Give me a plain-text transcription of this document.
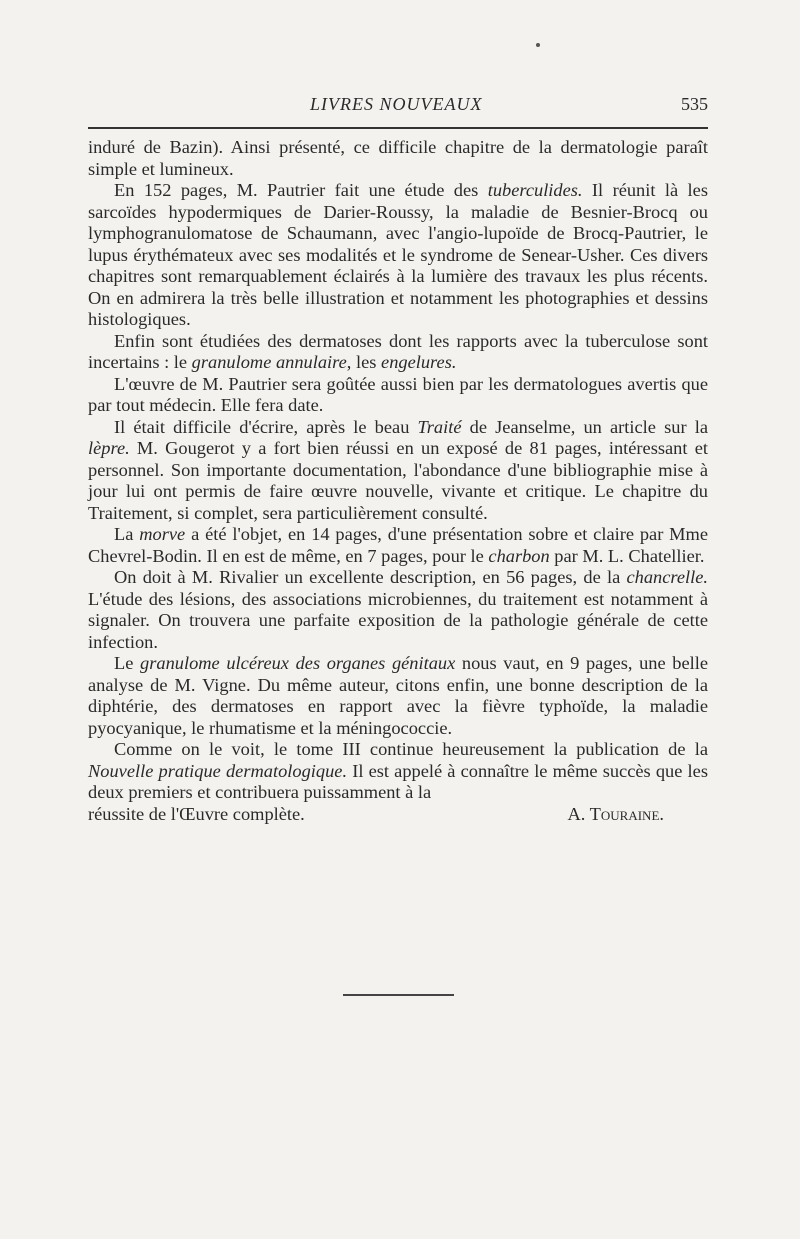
LIVRES NOUVEAUX	535

induré de Bazin). Ainsi présenté, ce difficile chapitre de la dermatologie paraît simple et lumineux.

En 152 pages, M. Pautrier fait une étude des tuberculides. Il réunit là les sarcoïdes hypodermiques de Darier-Roussy, la maladie de Besnier-Brocq ou lymphogranulomatose de Schaumann, avec l'angio-lupoïde de Brocq-Pautrier, le lupus érythémateux avec ses modalités et le syndrome de Senear-Usher. Ces divers chapitres sont remarquablement éclairés à la lumière des travaux les plus récents. On en admirera la très belle illustration et notamment les photographies et dessins histologiques.

Enfin sont étudiées des dermatoses dont les rapports avec la tuberculose sont incertains : le granulome annulaire, les engelures.

L'œuvre de M. Pautrier sera goûtée aussi bien par les dermatologues avertis que par tout médecin. Elle fera date.

Il était difficile d'écrire, après le beau Traité de Jeanselme, un article sur la lèpre. M. Gougerot y a fort bien réussi en un exposé de 81 pages, intéressant et personnel. Son importante documentation, l'abondance d'une bibliographie mise à jour lui ont permis de faire œuvre nouvelle, vivante et critique. Le chapitre du Traitement, si complet, sera particulièrement consulté.

La morve a été l'objet, en 14 pages, d'une présentation sobre et claire par Mme Chevrel-Bodin. Il en est de même, en 7 pages, pour le charbon par M. L. Chatellier.

On doit à M. Rivalier un excellente description, en 56 pages, de la chancrelle. L'étude des lésions, des associations microbiennes, du traitement est notamment à signaler. On trouvera une parfaite exposition de la pathologie générale de cette infection.

Le granulome ulcéreux des organes génitaux nous vaut, en 9 pages, une belle analyse de M. Vigne. Du même auteur, citons enfin, une bonne description de la diphtérie, des dermatoses en rapport avec la fièvre typhoïde, la maladie pyocyanique, le rhumatisme et la méningococcie.

Comme on le voit, le tome III continue heureusement la publication de la Nouvelle pratique dermatologique. Il est appelé à connaître le même succès que les deux premiers et contribuera puissamment à la

réussite de l'Œuvre complète.	A. Touraine.
